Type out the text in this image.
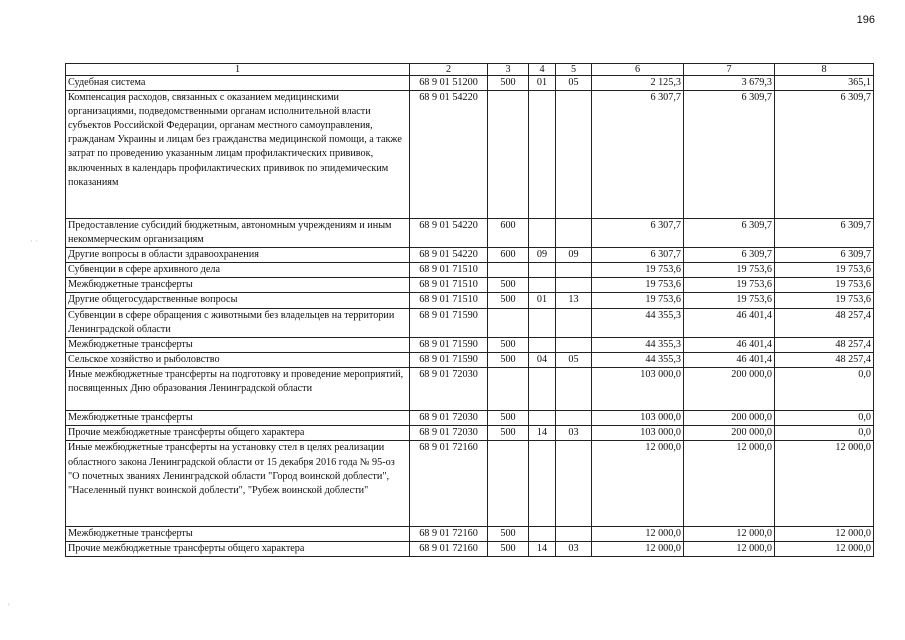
196
· ·
'
1	2	3	4	5	6	7	8
Судебная система	68 9 01 51200	500	01	05	2 125,3	3 679,3	365,1
Компенсация расходов, связанных с оказанием медицинскими организациями, подведомственными органам исполнительной власти субъектов Российской Федерации, органам местного самоуправления, гражданам Украины и лицам без гражданства медицинской помощи, а также затрат по проведению указанным лицам профилактических прививок, включенных в календарь профилактических прививок по эпидемическим показаниям	68 9 01 54220				6 307,7	6 309,7	6 309,7
Предоставление субсидий бюджетным, автономным учреждениям и иным некоммерческим организациям	68 9 01 54220	600			6 307,7	6 309,7	6 309,7
Другие вопросы в области здравоохранения	68 9 01 54220	600	09	09	6 307,7	6 309,7	6 309,7
Субвенции в сфере архивного дела	68 9 01 71510				19 753,6	19 753,6	19 753,6
Межбюджетные трансферты	68 9 01 71510	500			19 753,6	19 753,6	19 753,6
Другие общегосударственные вопросы	68 9 01 71510	500	01	13	19 753,6	19 753,6	19 753,6
Субвенции в сфере обращения с животными без владельцев на территории Ленинградской области	68 9 01 71590				44 355,3	46 401,4	48 257,4
Межбюджетные трансферты	68 9 01 71590	500			44 355,3	46 401,4	48 257,4
Сельское хозяйство и рыболовство	68 9 01 71590	500	04	05	44 355,3	46 401,4	48 257,4
Иные межбюджетные трансферты на подготовку и проведение мероприятий, посвященных Дню образования Ленинградской области	68 9 01 72030				103 000,0	200 000,0	0,0
Межбюджетные трансферты	68 9 01 72030	500			103 000,0	200 000,0	0,0
Прочие межбюджетные трансферты общего характера	68 9 01 72030	500	14	03	103 000,0	200 000,0	0,0
Иные межбюджетные трансферты на установку стел в целях реализации областного закона Ленинградской области от 15 декабря 2016 года № 95-оз "О почетных званиях Ленинградской области "Город воинской доблести", "Населенный пункт воинской доблести", "Рубеж воинской доблести"	68 9 01 72160				12 000,0	12 000,0	12 000,0
Межбюджетные трансферты	68 9 01 72160	500			12 000,0	12 000,0	12 000,0
Прочие межбюджетные трансферты общего характера	68 9 01 72160	500	14	03	12 000,0	12 000,0	12 000,0
